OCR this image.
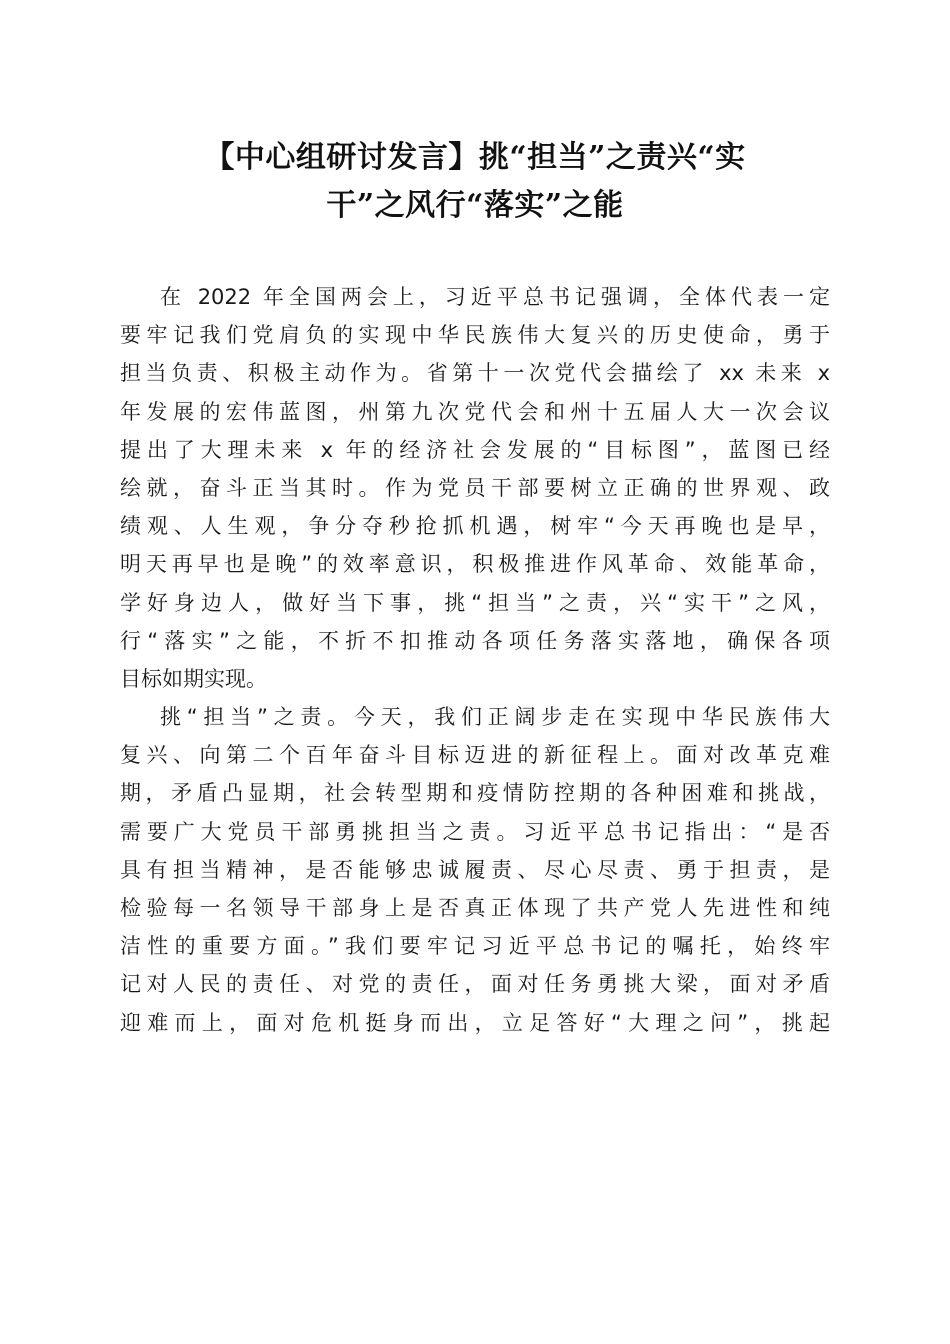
【中心组研讨发言】挑“担当”之责兴“实
干”之风行“落实”之能
在 2022 年全国两会上，习近平总书记强调，全体代表一定
要牢记我们党肩负的实现中华民族伟大复兴的历史使命，勇于
担当负责、积极主动作为。省第十一次党代会描绘了 xx 未来 x
年发展的宏伟蓝图，州第九次党代会和州十五届人大一次会议
提出了大理未来 x 年的经济社会发展的“目标图”，蓝图已经
绘就，奋斗正当其时。作为党员干部要树立正确的世界观、政
绩观、人生观，争分夺秒抢抓机遇，树牢“今天再晚也是早，
明天再早也是晚”的效率意识，积极推进作风革命、效能革命，
学好身边人，做好当下事，挑“担当”之责，兴“实干”之风，
行“落实”之能，不折不扣推动各项任务落实落地，确保各项
目标如期实现。
挑“担当”之责。今天，我们正阔步走在实现中华民族伟大
复兴、向第二个百年奋斗目标迈进的新征程上。面对改革克难
期，矛盾凸显期，社会转型期和疫情防控期的各种困难和挑战，
需要广大党员干部勇挑担当之责。习近平总书记指出：“是否
具有担当精神，是否能够忠诚履责、尽心尽责、勇于担责，是
检验每一名领导干部身上是否真正体现了共产党人先进性和纯
洁性的重要方面。”我们要牢记习近平总书记的嘱托，始终牢
记对人民的责任、对党的责任，面对任务勇挑大梁，面对矛盾
迎难而上，面对危机挺身而出，立足答好“大理之问”，挑起
